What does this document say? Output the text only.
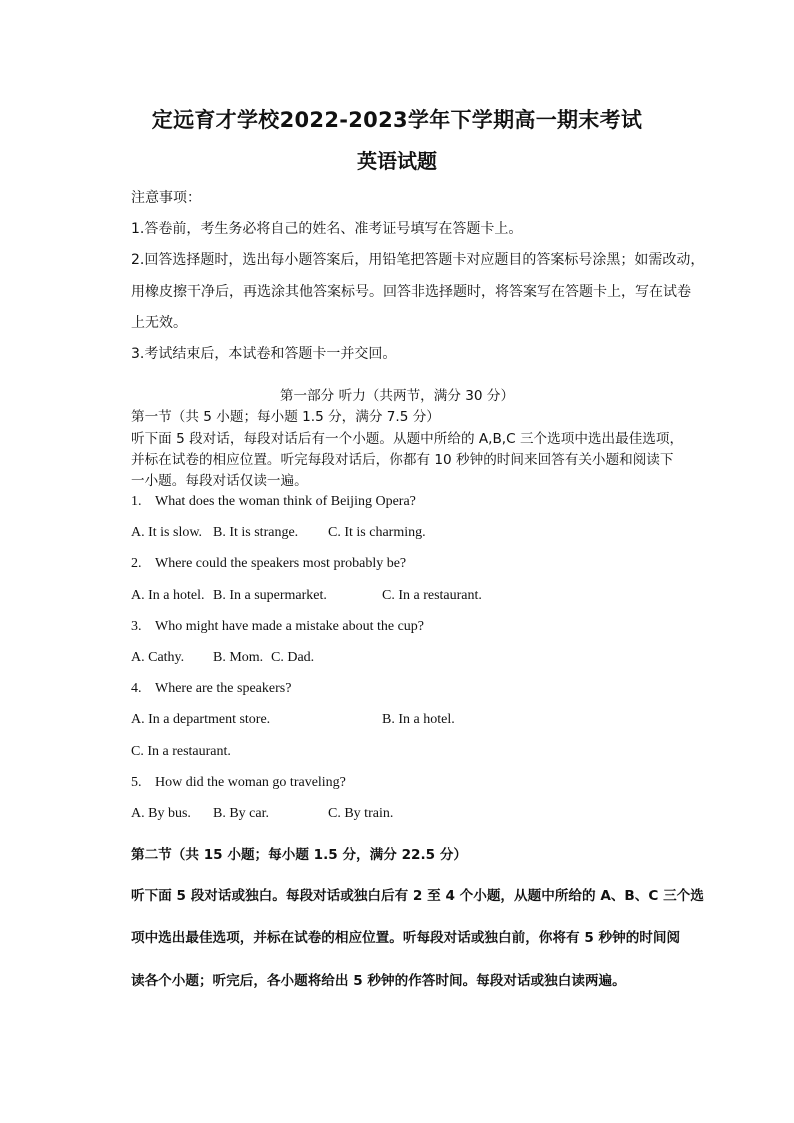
定远育才学校2022-2023学年下学期高一期末考试
英语试题
注意事项：
1.答卷前，考生务必将自己的姓名、准考证号填写在答题卡上。
2.回答选择题时，选出每小题答案后，用铅笔把答题卡对应题目的答案标号涂黑；如需改动，
用橡皮擦干净后，再选涂其他答案标号。回答非选择题时，将答案写在答题卡上，写在试卷
上无效。
3.考试结束后，本试卷和答题卡一并交回。
第一部分 听力（共两节，满分 30 分）
第一节（共 5 小题；每小题 1.5 分，满分 7.5 分）
听下面 5 段对话，每段对话后有一个小题。从题中所给的 A,B,C 三个选项中选出最佳选项，
并标在试卷的相应位置。听完每段对话后，你都有 10 秒钟的时间来回答有关小题和阅读下
一小题。每段对话仅读一遍。
1. What does the woman think of Beijing Opera?
A. It is slow. B. It is strange. C. It is charming.
2. Where could the speakers most probably be?
A. In a hotel. B. In a supermarket.	C. In a restaurant.
3. Who might have made a mistake about the cup?
A. Cathy. B. Mom. C. Dad.
4. Where are the speakers?
A. In a department store.	B. In a hotel.
C. In a restaurant.
5. How did the woman go traveling?
A. By bus. B. By car.	C. By train.
第二节（共 15 小题；每小题 1.5 分，满分 22.5 分）
听下面 5 段对话或独白。每段对话或独白后有 2 至 4 个小题，从题中所给的 A、B、C 三个选
项中选出最佳选项，并标在试卷的相应位置。听每段对话或独白前，你将有 5 秒钟的时间阅
读各个小题；听完后，各小题将给出 5 秒钟的作答时间。每段对话或独白读两遍。
